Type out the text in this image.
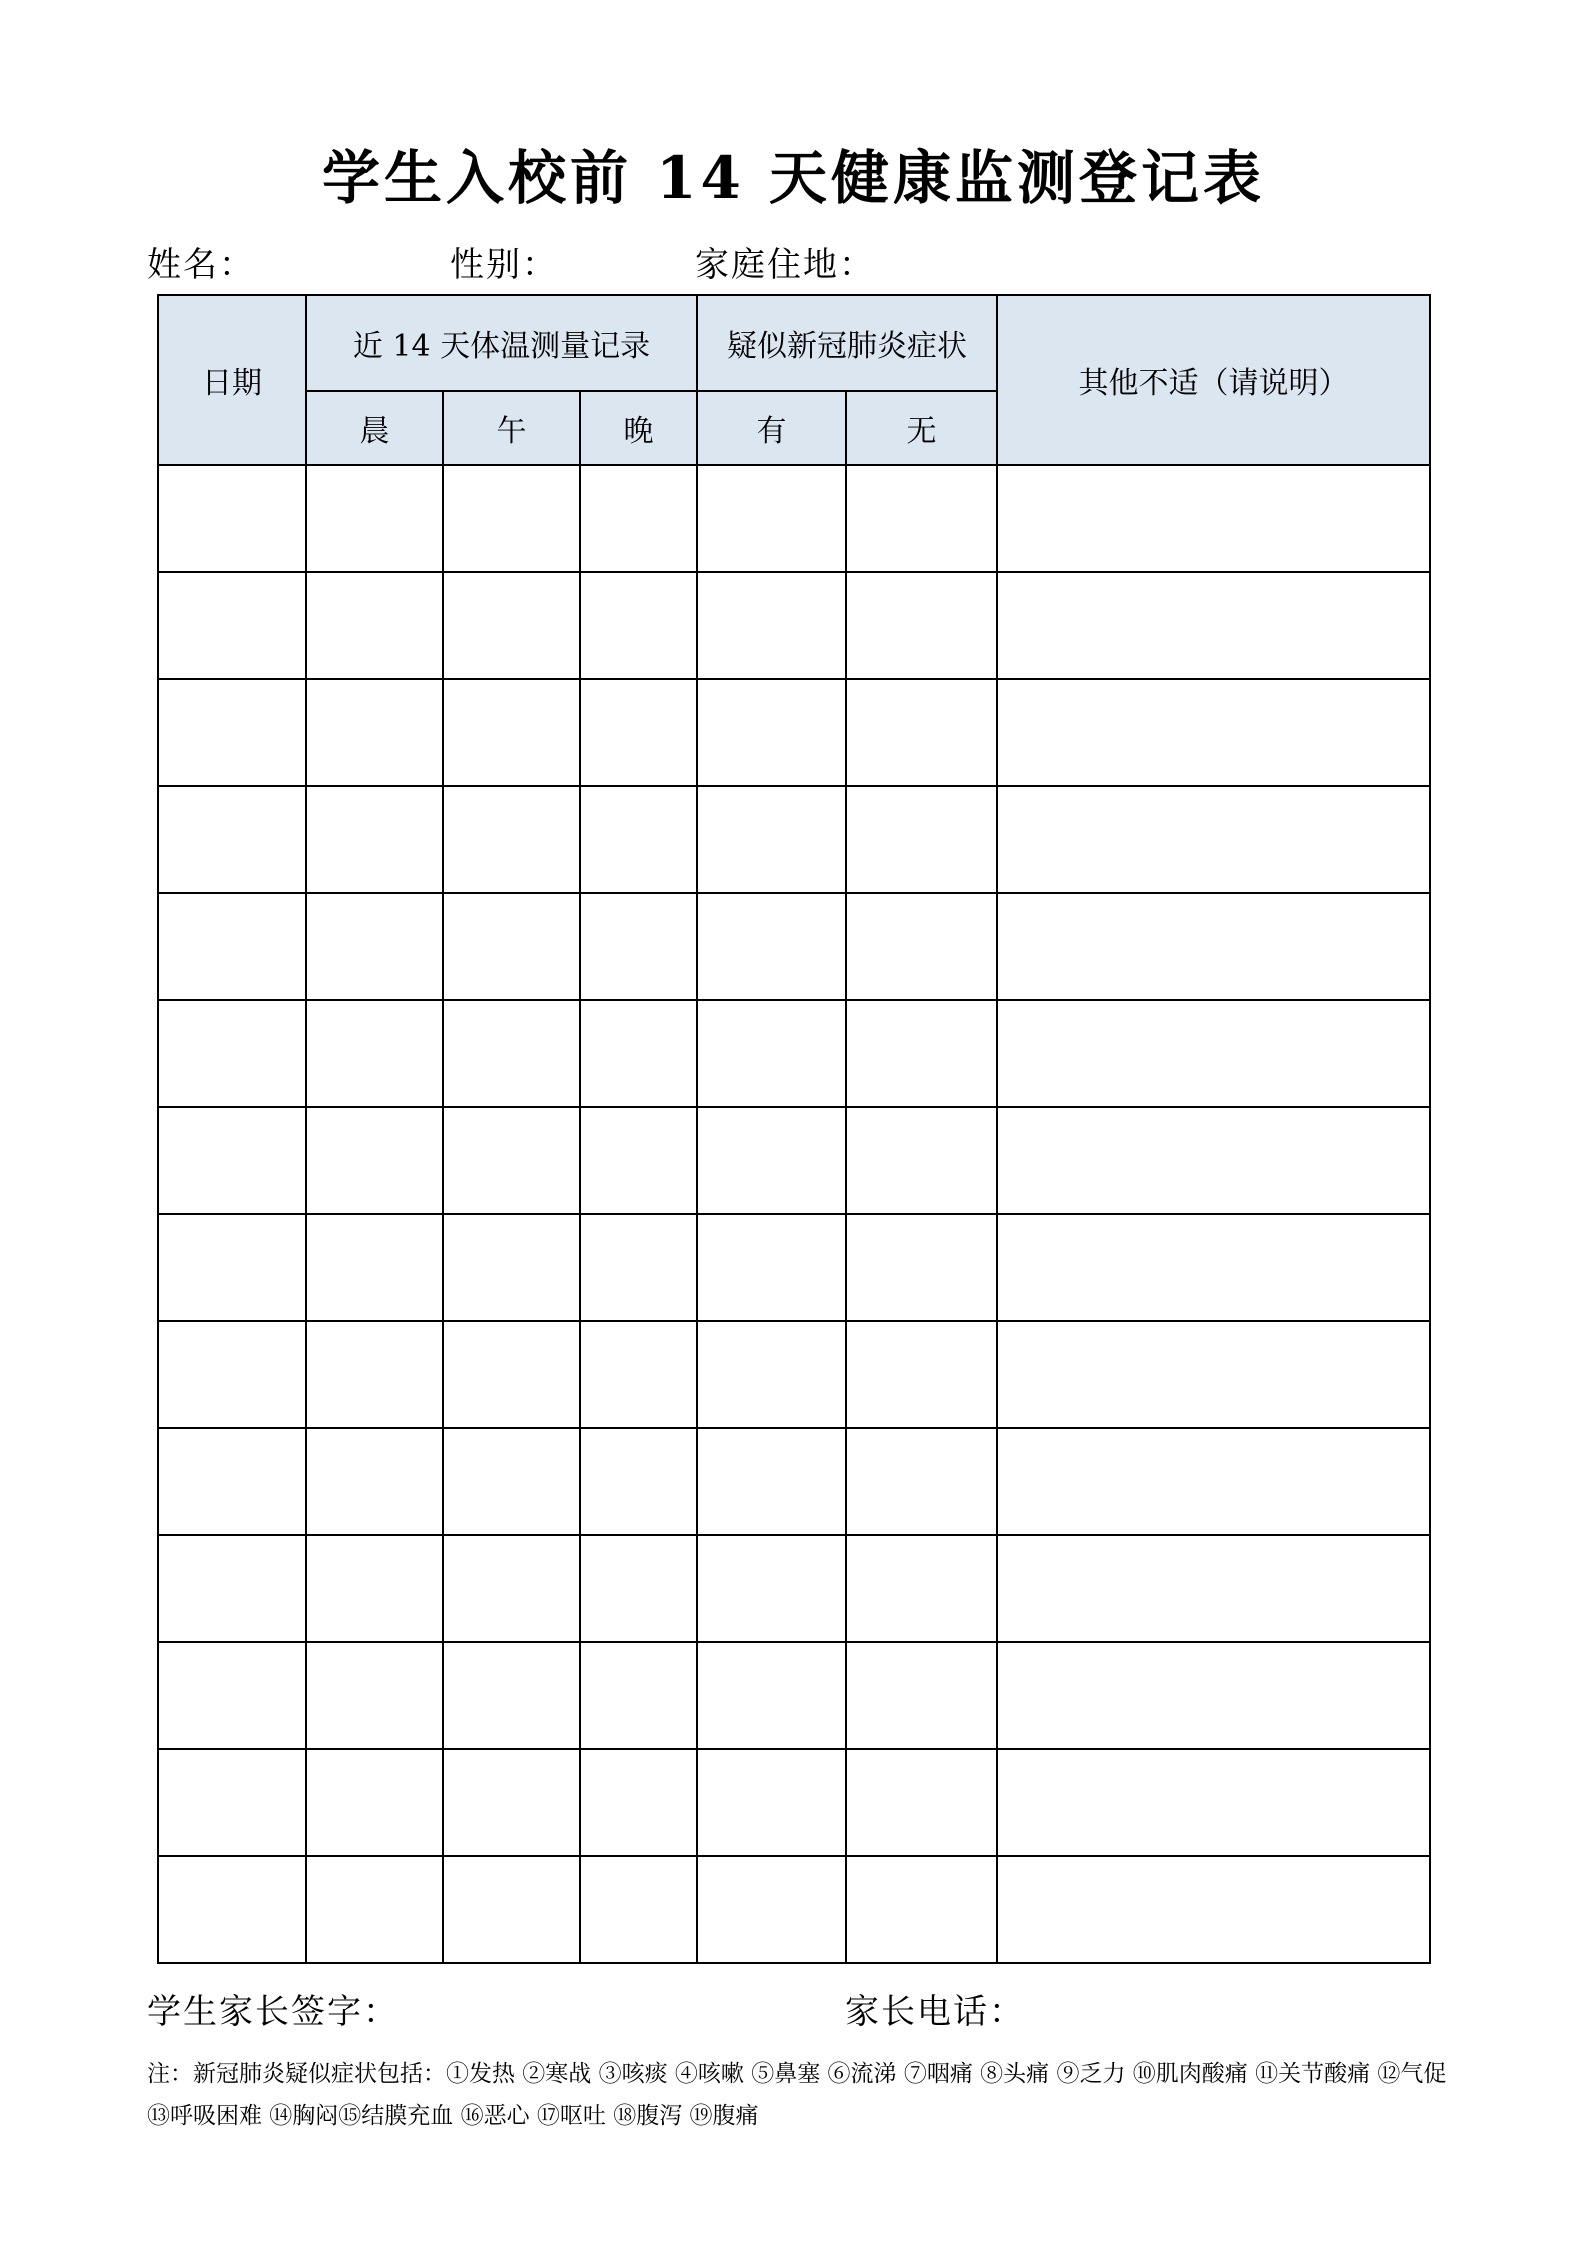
学生入校前 14 天健康监测登记表
姓名：	性别：	家庭住地：
日期	近 14 天体温测量记录			疑似新冠肺炎症状		其他不适（请说明）
	晨	午	晚	有	无	

学生家长签字：	家长电话：
注：新冠肺炎疑似症状包括：①发热 ②寒战 ③咳痰 ④咳嗽 ⑤鼻塞 ⑥流涕 ⑦咽痛 ⑧头痛 ⑨乏力 ⑩肌肉酸痛 ⑪关节酸痛 ⑫气促 ⑬呼吸困难 ⑭胸闷⑮结膜充血 ⑯恶心 ⑰呕吐 ⑱腹泻 ⑲腹痛
